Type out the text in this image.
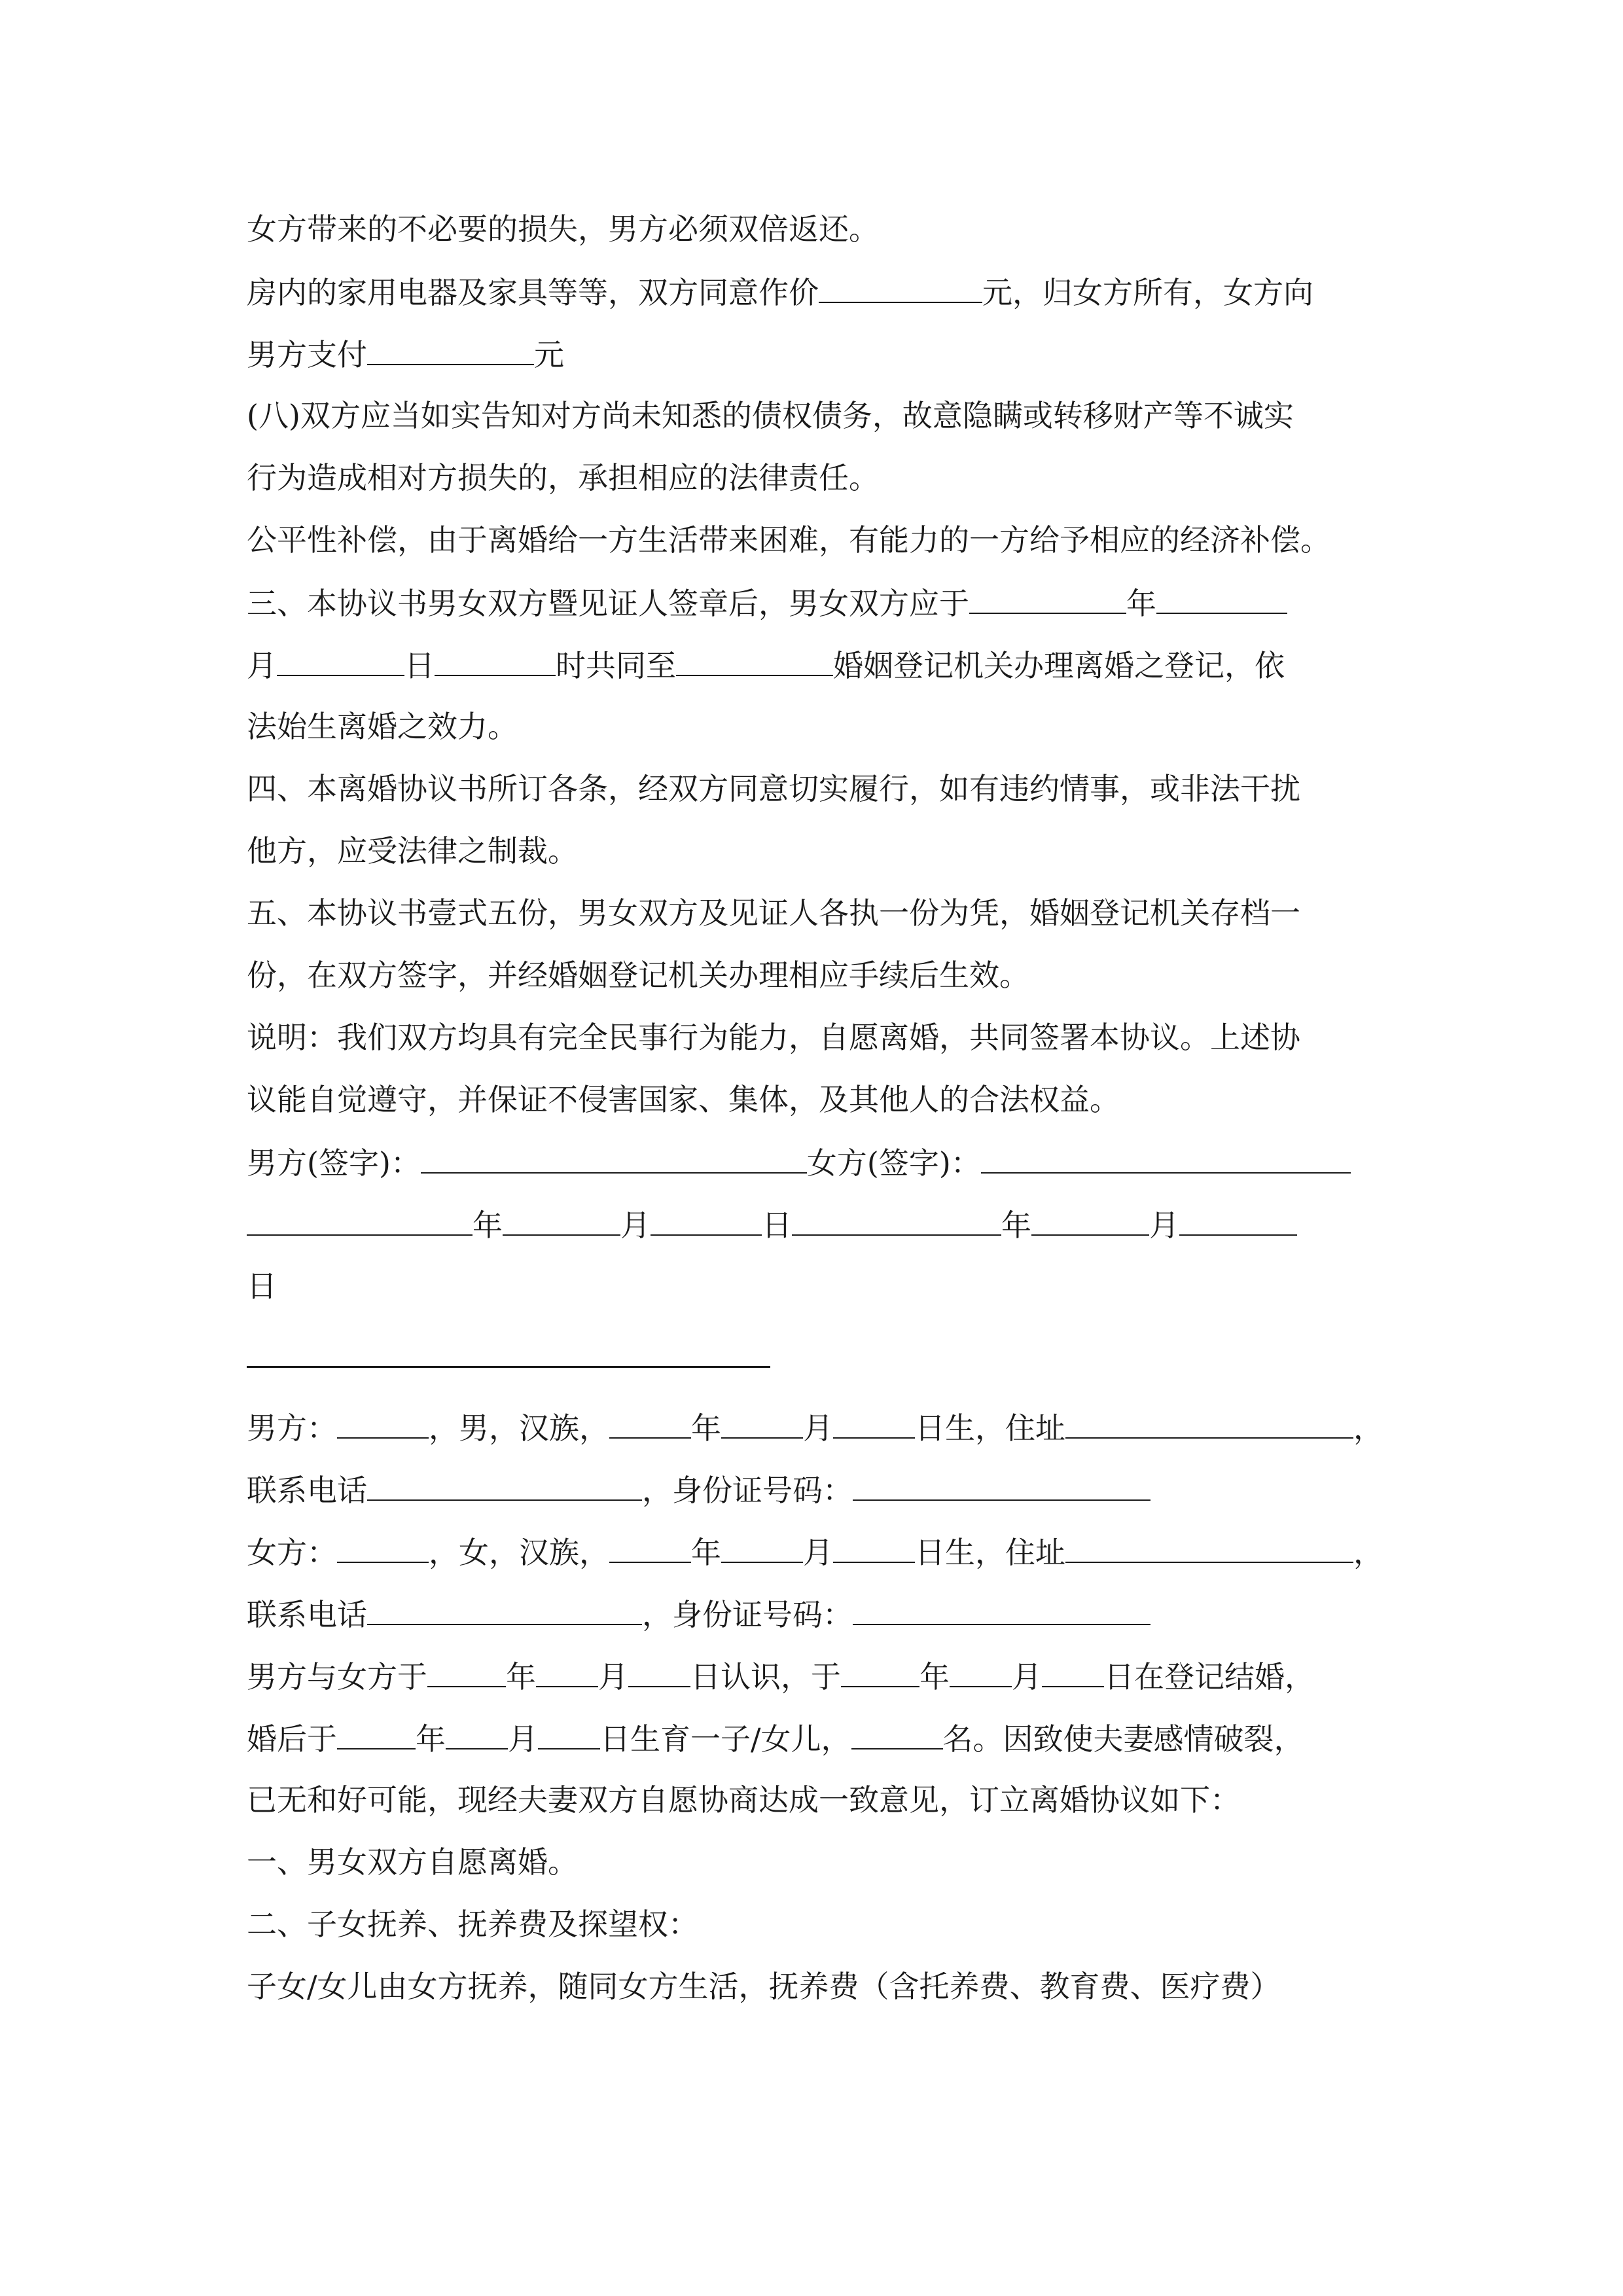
女方带来的不必要的损失，男方必须双倍返还。
房内的家用电器及家具等等，双方同意作价	元，归女方所有，女方向
男方支付	元
(八)双方应当如实告知对方尚未知悉的债权债务，故意隐瞒或转移财产等不诚实
行为造成相对方损失的，承担相应的法律责任。
公平性补偿，由于离婚给一方生活带来困难，有能力的一方给予相应的经济补偿。
三、本协议书男女双方暨见证人签章后，男女双方应于	年
月	日	时共同至	婚姻登记机关办理离婚之登记，依
法始生离婚之效力。
四、本离婚协议书所订各条，经双方同意切实履行，如有违约情事，或非法干扰
他方，应受法律之制裁。
五、本协议书壹式五份，男女双方及见证人各执一份为凭，婚姻登记机关存档一
份，在双方签字，并经婚姻登记机关办理相应手续后生效。
说明：我们双方均具有完全民事行为能力，自愿离婚，共同签署本协议。上述协
议能自觉遵守，并保证不侵害国家、集体，及其他人的合法权益。
男方(签字)：	女方(签字)：
年	月	日	年	月
日
男方：	，男，汉族，	年	月	日生，住址	，
联系电话	，身份证号码：
女方：	，女，汉族，	年	月	日生，住址	，
联系电话	，身份证号码：
男方与女方于	年 月 日认识，于	年 月 日在登记结婚，
婚后于	年 月 日生育一子/女儿，	名。因致使夫妻感情破裂，
已无和好可能，现经夫妻双方自愿协商达成一致意见，订立离婚协议如下：
一、男女双方自愿离婚。
二、子女抚养、抚养费及探望权：
子女/女儿由女方抚养，随同女方生活，抚养费（含托养费、教育费、医疗费）
